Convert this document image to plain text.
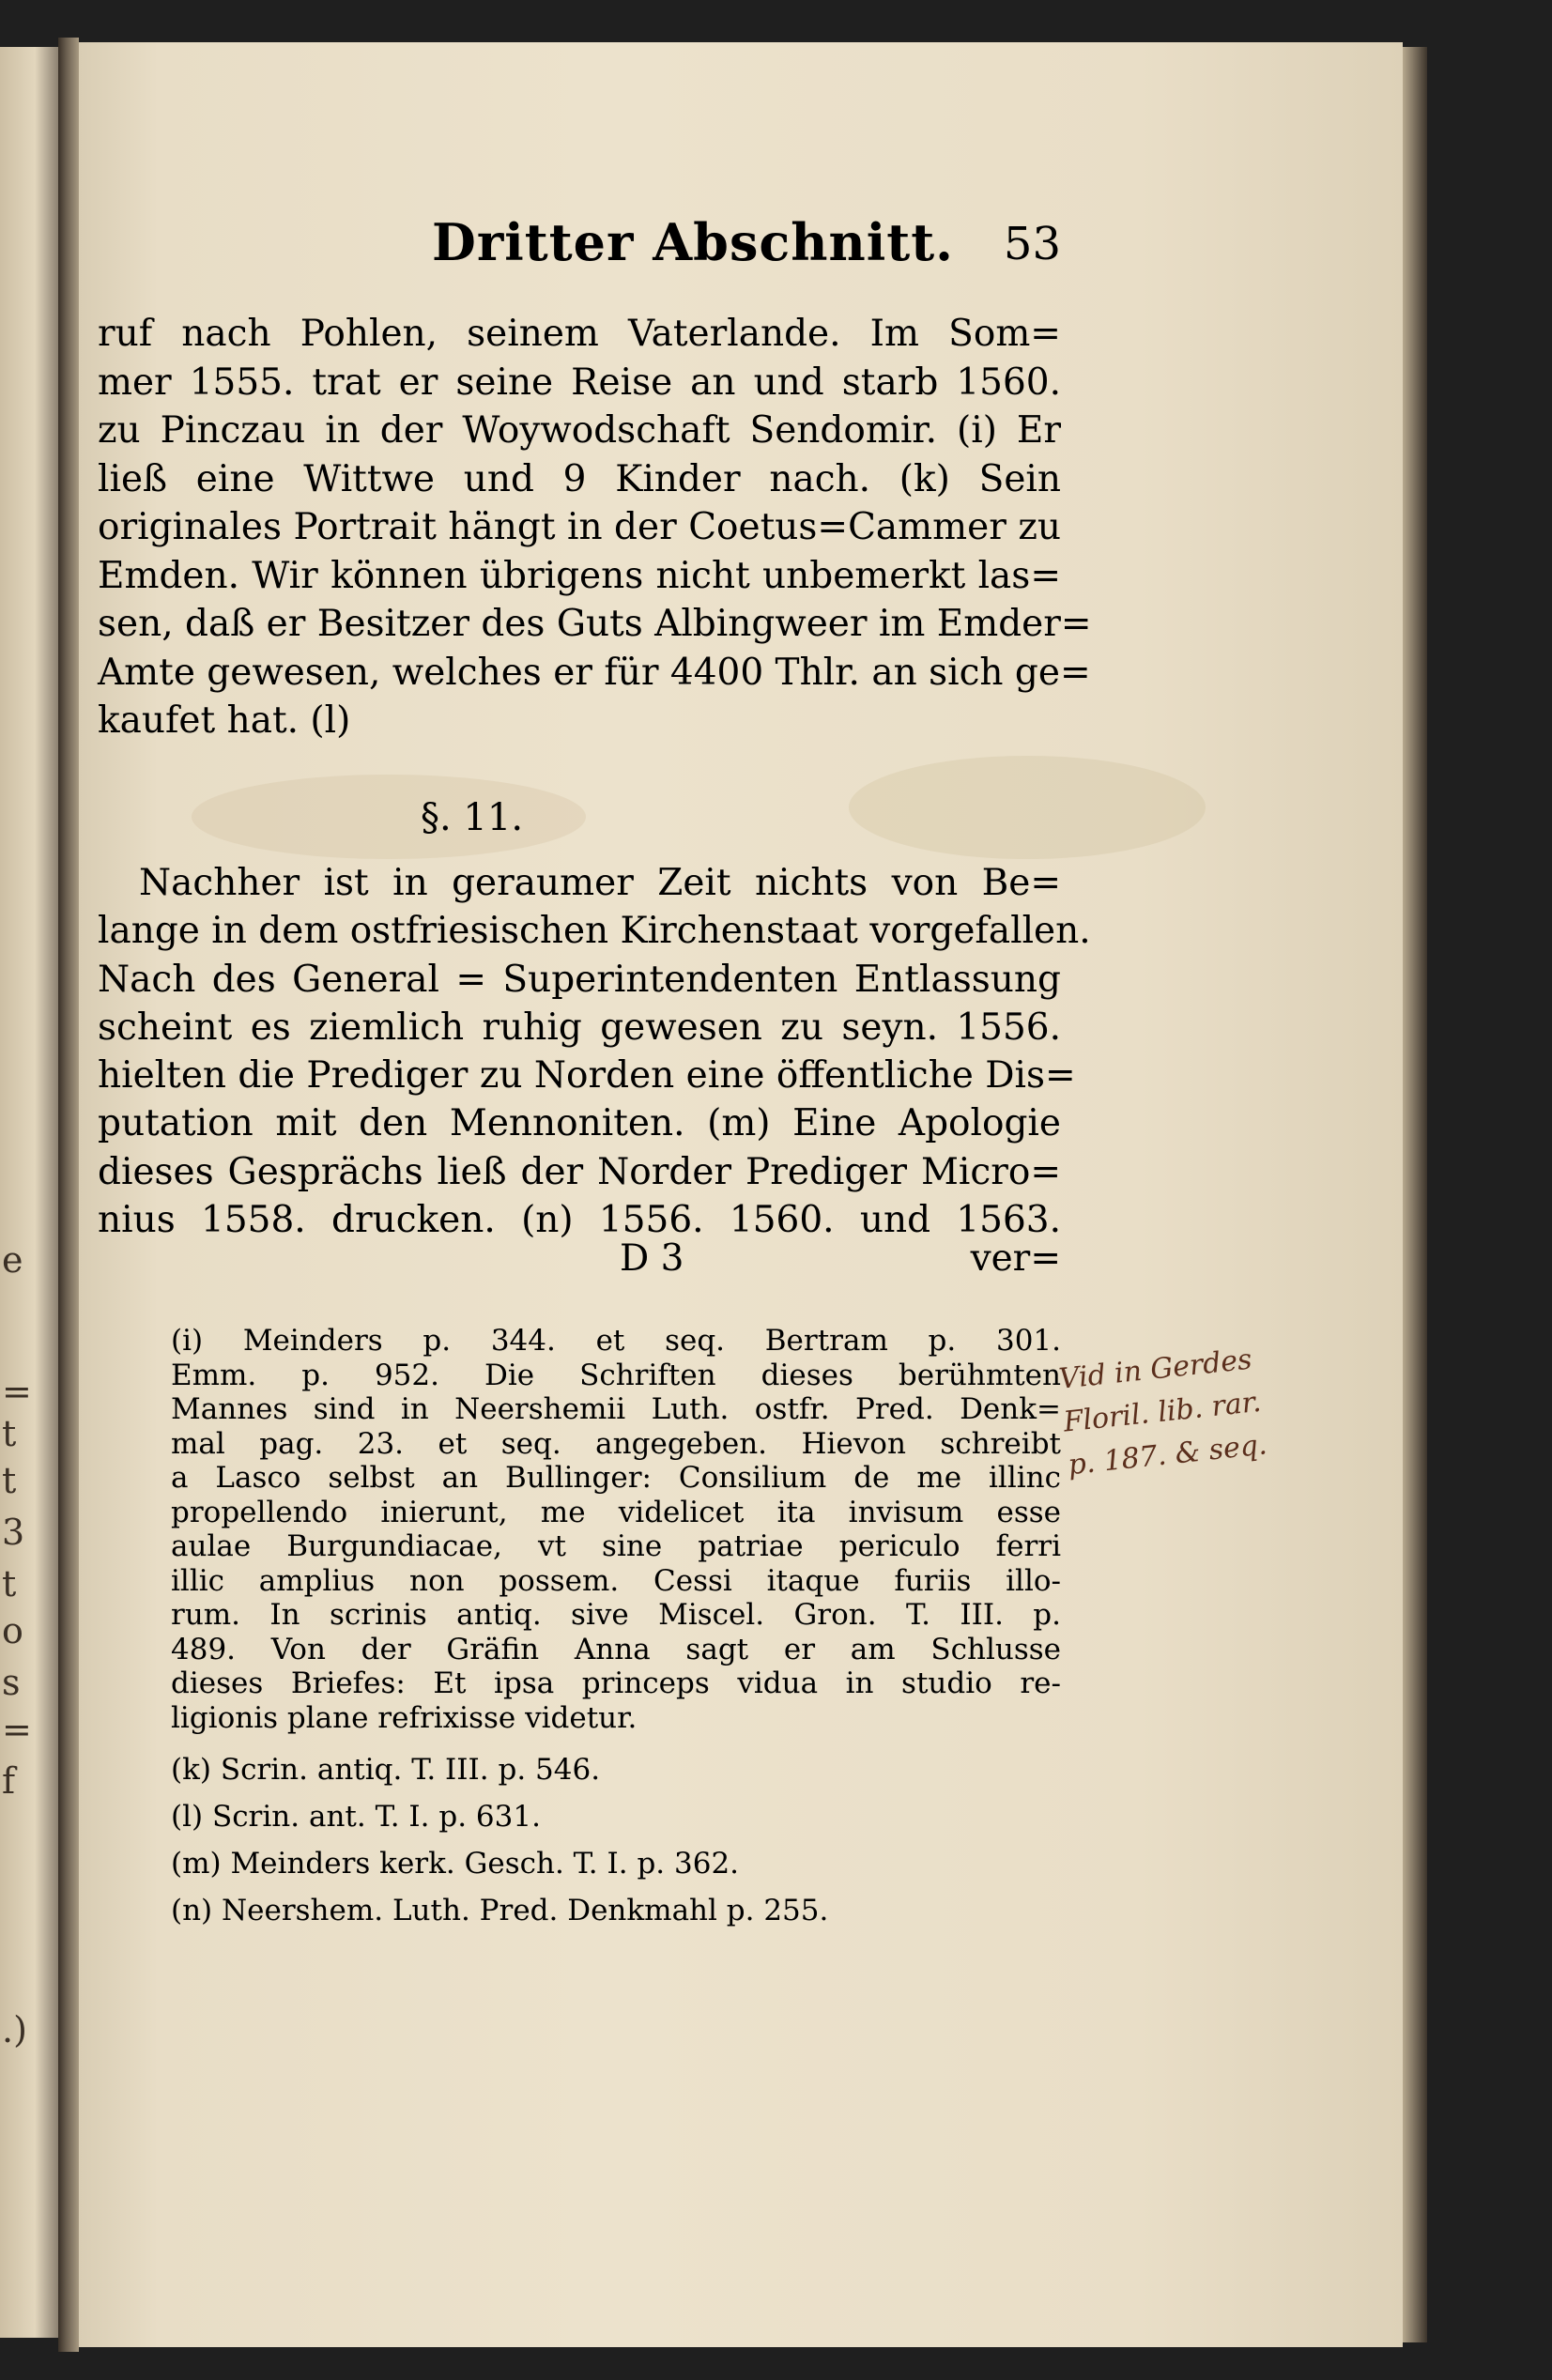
e
=
t
t
3
t
o
s
=
f
.)
Dritter Abschnitt. 53
ruf nach Pohlen, seinem Vaterlande. Im Som=
mer 1555. trat er seine Reise an und starb 1560.
zu Pinczau in der Woywodschaft Sendomir. (i) Er
ließ eine Wittwe und 9 Kinder nach. (k) Sein
originales Portrait hängt in der Coetus=Cammer zu
Emden. Wir können übrigens nicht unbemerkt las=
sen, daß er Besitzer des Guts Albingweer im Emder=
Amte gewesen, welches er für 4400 Thlr. an sich ge=
kaufet hat. (l)
§. 11.
Nachher ist in geraumer Zeit nichts von Be=
lange in dem ostfriesischen Kirchenstaat vorgefallen.
Nach des General = Superintendenten Entlassung
scheint es ziemlich ruhig gewesen zu seyn. 1556.
hielten die Prediger zu Norden eine öffentliche Dis=
putation mit den Mennoniten. (m) Eine Apologie
dieses Gesprächs ließ der Norder Prediger Micro=
nius 1558. drucken. (n) 1556. 1560. und 1563.
D 3	ver=
(i) Meinders p. 344. et seq. Bertram p. 301.
Emm. p. 952. Die Schriften dieses berühmten
Mannes sind in Neershemii Luth. ostfr. Pred. Denk=
mal pag. 23. et seq. angegeben. Hievon schreibt
a Lasco selbst an Bullinger: Consilium de me illinc
propellendo inierunt, me videlicet ita invisum esse
aulae Burgundiacae, vt sine patriae periculo ferri
illic amplius non possem. Cessi itaque furiis illo-
rum. In scrinis antiq. sive Miscel. Gron. T. III. p.
489. Von der Gräfin Anna sagt er am Schlusse
dieses Briefes: Et ipsa princeps vidua in studio re-
ligionis plane refrixisse videtur.
(k) Scrin. antiq. T. III. p. 546.
(l) Scrin. ant. T. I. p. 631.
(m) Meinders kerk. Gesch. T. I. p. 362.
(n) Neershem. Luth. Pred. Denkmahl p. 255.
Vid in Gerdes
Floril. lib. rar.
p. 187. & seq.
